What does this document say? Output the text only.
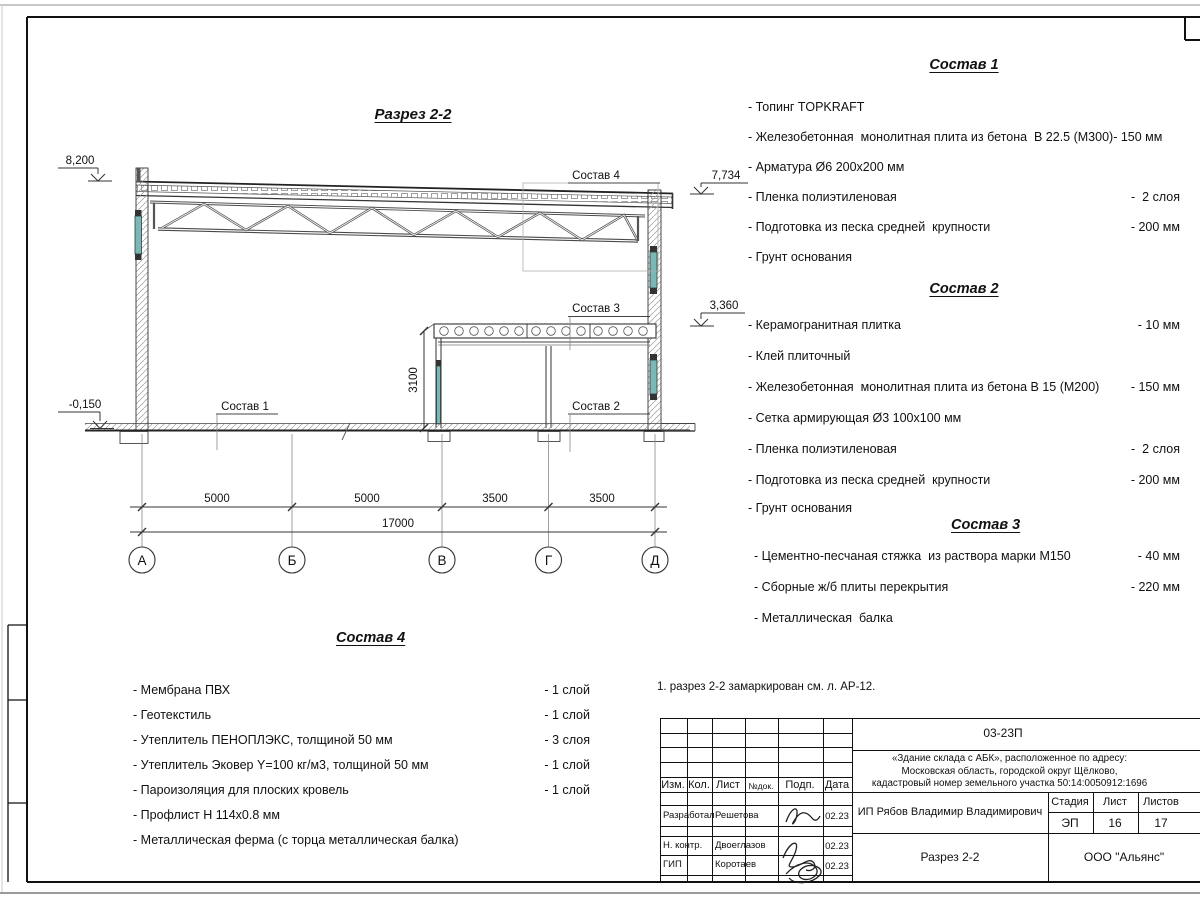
5000	5000	3500	3500
17000
3100
А	Б	В	Г	Д
8,200
7,734
3,360
-0,150
Состав 4
Состав 3
Состав 2
Состав 1
Разрез 2-2
Состав 1
- Топинг TOPKRAFT
- Железобетонная  монолитная плита из бетона  В 22.5 (М300)- 150 мм
- Арматура Ø6 200х200 мм
- Пленка полиэтиленовая	-  2 слоя
- Подготовка из песка средней  крупности	- 200 мм
- Грунт основания
Состав 2
- Керамогранитная плитка	- 10 мм
- Клей плиточный
- Железобетонная  монолитная плита из бетона В 15 (М200)	- 150 мм
- Сетка армирующая Ø3 100х100 мм
- Пленка полиэтиленовая	-  2 слоя
- Подготовка из песка средней  крупности	- 200 мм
- Грунт основания
Состав 3
- Цементно-песчаная стяжка  из раствора марки М150	- 40 мм
- Сборные ж/б плиты перекрытия	- 220 мм
- Металлическая  балка
Состав 4
- Мембрана ПВХ	- 1 слой
- Геотекстиль	- 1 слой
- Утеплитель ПЕНОПЛЭКС, толщиной 50 мм	- 3 слоя
- Утеплитель Эковер Y=100 кг/м3, толщиной 50 мм	- 1 слой
- Пароизоляция для плоских кровель	- 1 слой
- Профлист Н 114х0.8 мм
- Металлическая ферма (с торца металлическая балка)
1. разрез 2-2 замаркирован см. л. АР-12.
Изм. Кол. Лист №док. Подп. Дата
Разработал Решетова	02.23
Н. контр. Двоеглазов	02.23
ГИП	Коротаев	02.23
03-23П
«Здание склада с АБК», расположенное по адресу:
Московская область, городской округ Щёлково,
кадастровый номер земельного участка 50:14:0050912:1696
ИП Рябов Владимир Владимирович
Стадия Лист Листов
ЭП 16	17
Разрез 2-2	ООО "Альянс"
